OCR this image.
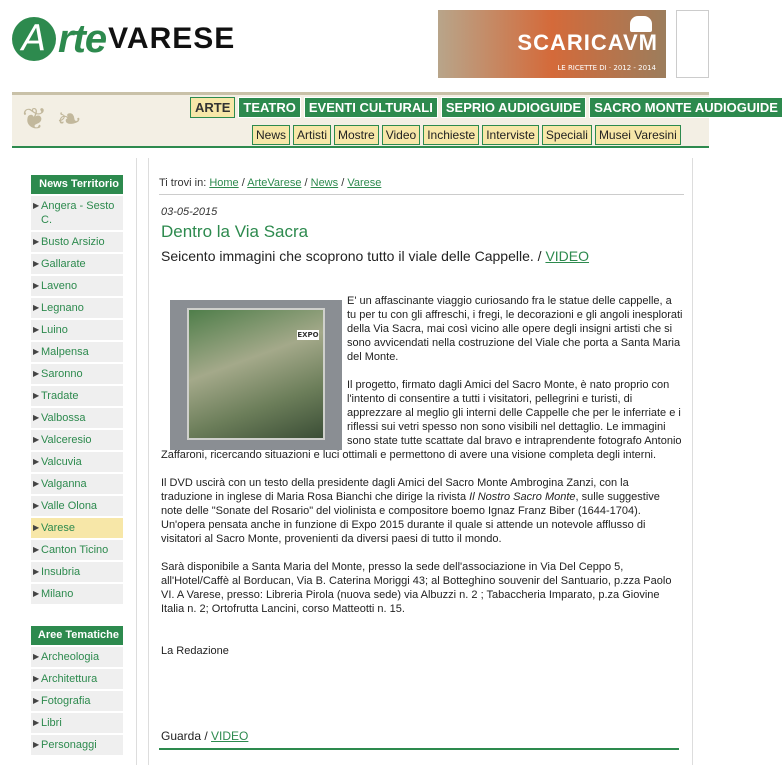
A rte VARESE	SCARICAVM
LE RICETTE DI · 2012 - 2014
❦ ❧	ARTE	TEATRO	EVENTI CULTURALI	SEPRIO AUDIOGUIDE	SACRO MONTE AUDIOGUIDE
News Artisti Mostre Video Inchieste Interviste Speciali Musei Varesini
News Territorio
▶ Angera - Sesto C.
▶ Busto Arsizio
▶ Gallarate
▶ Laveno
▶ Legnano
▶ Luino
▶ Malpensa
▶ Saronno
▶ Tradate
▶ Valbossa
▶ Valceresio
▶ Valcuvia
▶ Valganna
▶ Valle Olona
▶ Varese
▶ Canton Ticino
▶ Insubria
▶ Milano
Aree Tematiche
▶ Archeologia
▶ Architettura
▶ Fotografia
▶ Libri
▶ Personaggi
Ti trovi in: Home / ArteVarese / News / Varese
03-05-2015
Dentro la Via Sacra
Seicento immagini che scoprono tutto il viale delle Cappelle. / VIDEO
EXPO

E' un affascinante viaggio curiosando fra le statue delle cappelle, a tu per tu con gli affreschi, i fregi, le decorazioni e gli angoli inesplorati della Via Sacra, mai così vicino alle opere degli insigni artisti che si sono avvicendati nella costruzione del Viale che porta a Santa Maria del Monte.

Il progetto, firmato dagli Amici del Sacro Monte, è nato proprio con l'intento di consentire a tutti i visitatori, pellegrini e turisti, di apprezzare al meglio gli interni delle Cappelle che per le inferriate e i riflessi sui vetri spesso non sono visibili nel dettaglio. Le immagini sono state tutte scattate dal bravo e intraprendente fotografo Antonio

Zaffaroni, ricercando situazioni e luci ottimali e permettono di avere una visione completa degli interni.

Il DVD uscirà con un testo della presidente dagli Amici del Sacro Monte Ambrogina Zanzi, con la traduzione in inglese di Maria Rosa Bianchi che dirige la rivista Il Nostro Sacro Monte, sulle suggestive note delle "Sonate del Rosario" del violinista e compositore boemo Ignaz Franz Biber (1644-1704).

Un'opera pensata anche in funzione di Expo 2015 durante il quale si attende un notevole afflusso di visitatori al Sacro Monte, provenienti da diversi paesi di tutto il mondo.

Sarà disponibile a Santa Maria del Monte, presso la sede dell'associazione in Via Del Ceppo 5, all'Hotel/Caffè al Borducan, Via B. Caterina Moriggi 43; al Botteghino souvenir del Santuario, p.zza Paolo VI. A Varese, presso: Libreria Pirola (nuova sede) via Albuzzi n. 2 ; Tabaccheria Imparato, p.za Giovine Italia n. 2; Ortofrutta Lancini, corso Matteotti n. 15.

La Redazione

Guarda / VIDEO
